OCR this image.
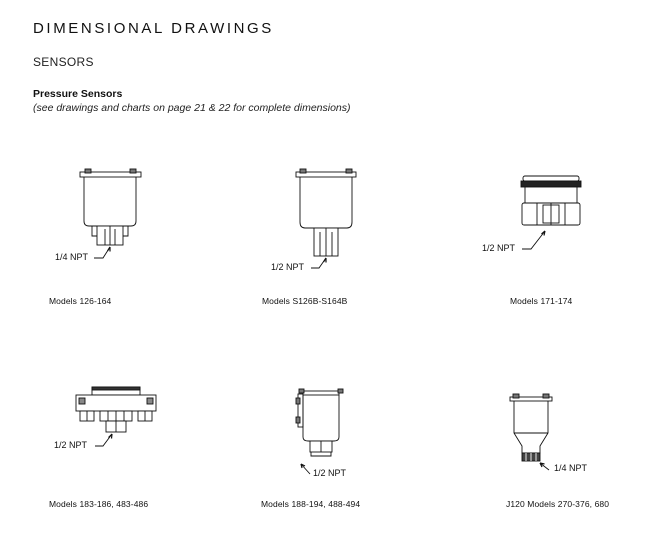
DIMENSIONAL DRAWINGS
SENSORS
Pressure Sensors
(see drawings and charts on page 21 & 22 for complete dimensions)
1/4 NPT
1/2 NPT
1/2 NPT
1/2 NPT
1/2 NPT	1/4 NPT
Models 126-164	Models S126B-S164B	Models 171-174
Models 183-186, 483-486	Models 188-194, 488-494	J120 Models 270-376, 680
